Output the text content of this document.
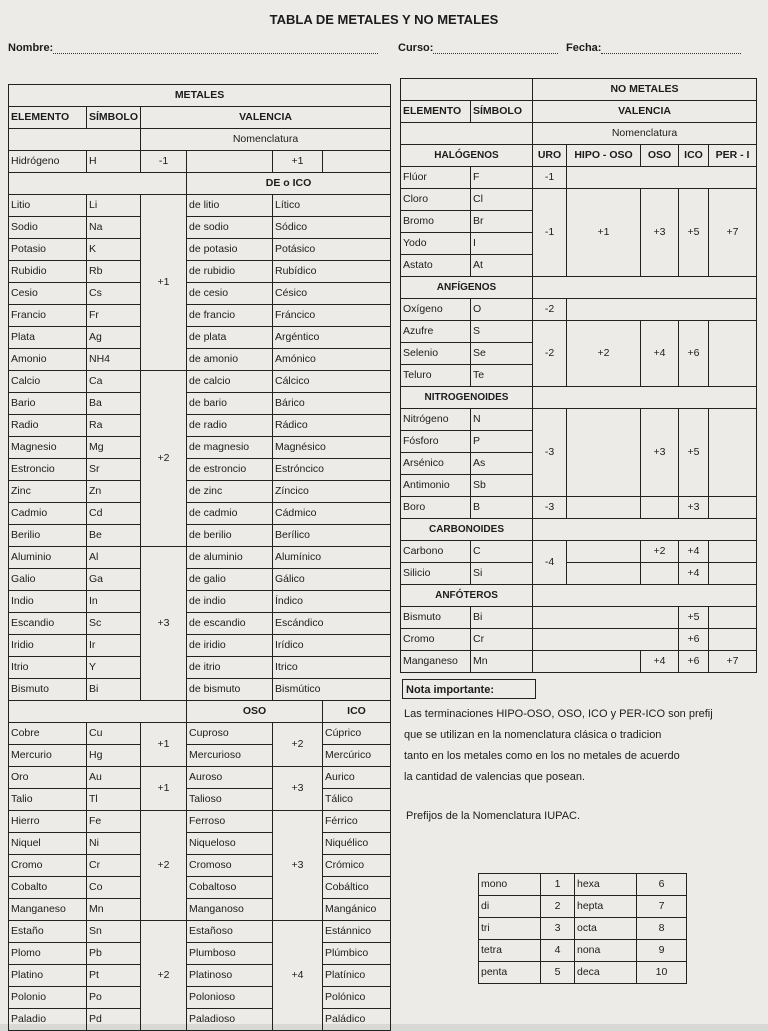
TABLA DE METALES Y NO METALES
Nombre:	Curso:	Fecha:
METALES					
ELEMENTO	SÍMBOLO	VALENCIA			
		Nomenclatura			
Hidrógeno	H	-1		+1	
			DE o ICO		
Litio	Li	+1	de litio	Lítico	
Sodio	Na		de sodio	Sódico	
Potasio	K		de potasio	Potásico	
Rubidio	Rb		de rubidio	Rubídico	
Cesio	Cs		de cesio	Césico	
Francio	Fr		de francio	Fráncico	
Plata	Ag		de plata	Argéntico	
Amonio	NH4		de amonio	Amónico	
Calcio	Ca	+2	de calcio	Cálcico	
Bario	Ba		de bario	Bárico	
Radio	Ra		de radio	Rádico	
Magnesio	Mg		de magnesio	Magnésico	
Estroncio	Sr		de estroncio	Estróncico	
Zinc	Zn		de zinc	Zíncico	
Cadmio	Cd		de cadmio	Cádmico	
Berilio	Be		de berilio	Berílico	
Aluminio	Al	+3	de aluminio	Alumínico	
Galio	Ga		de galio	Gálico	
Indio	In		de indio	Índico	
Escandio	Sc		de escandio	Escándico	
Iridio	Ir		de iridio	Irídico	
Itrio	Y		de itrio	Itrico	
Bismuto	Bi		de bismuto	Bismútico	
			OSO		ICO
Cobre	Cu	+1	Cuproso	+2	Cúprico
Mercurio	Hg		Mercurioso		Mercúrico
Oro	Au	+1	Auroso	+3	Aurico
Talio	Tl		Talioso		Tálico
Hierro	Fe	+2	Ferroso	+3	Férrico
Niquel	Ni		Niqueloso		Niquélico
Cromo	Cr		Cromoso		Crómico
Cobalto	Co		Cobaltoso		Cobáltico
Manganeso	Mn		Manganoso		Mangánico
Estaño	Sn	+2	Estañoso	+4	Estánnico
Plomo	Pb		Plumboso		Plúmbico
Platino	Pt		Platinoso		Platínico
Polonio	Po		Polonioso		Polónico
Paladio	Pd		Paladioso		Paládico
		NO METALES				
ELEMENTO	SÍMBOLO	VALENCIA				
		Nomenclatura				
HALÓGENOS		URO	HIPO - OSO	OSO	ICO	PER - I
Flúor	F	-1				
Cloro	Cl	-1	+1	+3	+5	+7
Bromo	Br					
Yodo	I					
Astato	At					
ANFÍGENOS						
Oxígeno	O	-2				
Azufre	S	-2	+2	+4	+6	
Selenio	Se					
Teluro	Te					
NITROGENOIDES						
Nitrógeno	N	-3		+3	+5	
Fósforo	P					
Arsénico	As					
Antimonio	Sb					
Boro	B	-3			+3	
CARBONOIDES						
Carbono	C	-4		+2	+4	
Silicio	Si				+4	
ANFÓTEROS						
Bismuto	Bi				+5	
Cromo	Cr				+6	
Manganeso	Mn			+4	+6	+7
Nota importante:
Las terminaciones HIPO-OSO, OSO, ICO y PER-ICO son prefij
que se utilizan en la nomenclatura clásica o tradicion
tanto en los metales como en los no metales de acuerdo
la cantidad de valencias que posean.
Prefijos de la Nomenclatura IUPAC.
mono	1	hexa	6
di	2	hepta	7
tri	3	octa	8
tetra	4	nona	9
penta	5	deca	10
